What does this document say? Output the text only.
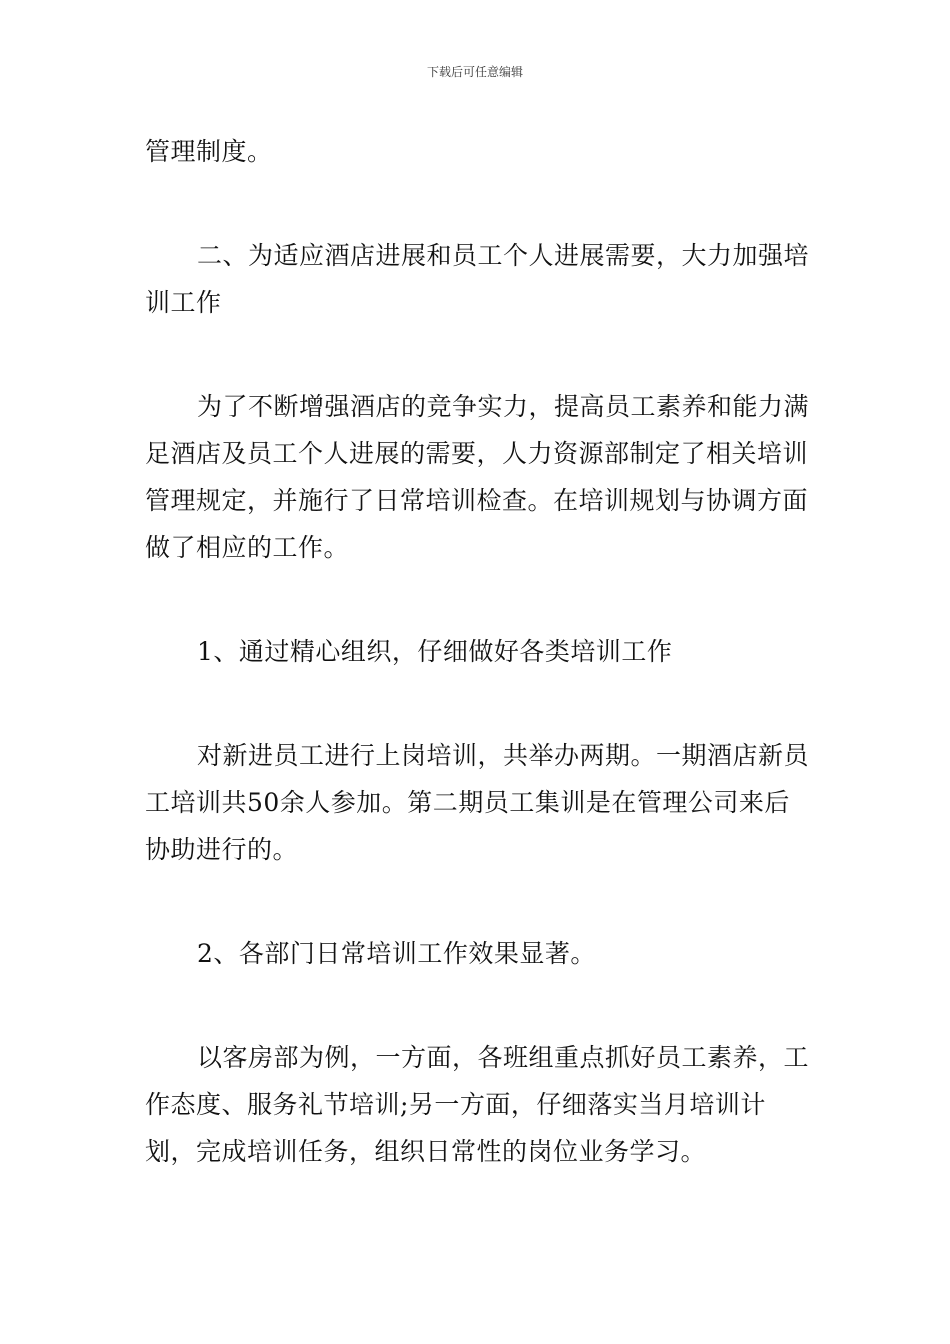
下载后可任意编辑

管理制度。

二、为适应酒店进展和员工个人进展需要，大力加强培训工作

为了不断增强酒店的竞争实力，提高员工素养和能力满足酒店及员工个人进展的需要，人力资源部制定了相关培训管理规定，并施行了日常培训检查。在培训规划与协调方面做了相应的工作。

1、通过精心组织，仔细做好各类培训工作

对新进员工进行上岗培训，共举办两期。一期酒店新员工培训共50余人参加。第二期员工集训是在管理公司来后协助进行的。

2、各部门日常培训工作效果显著。

以客房部为例，一方面，各班组重点抓好员工素养，工作态度、服务礼节培训;另一方面，仔细落实当月培训计划，完成培训任务，组织日常性的岗位业务学习。
